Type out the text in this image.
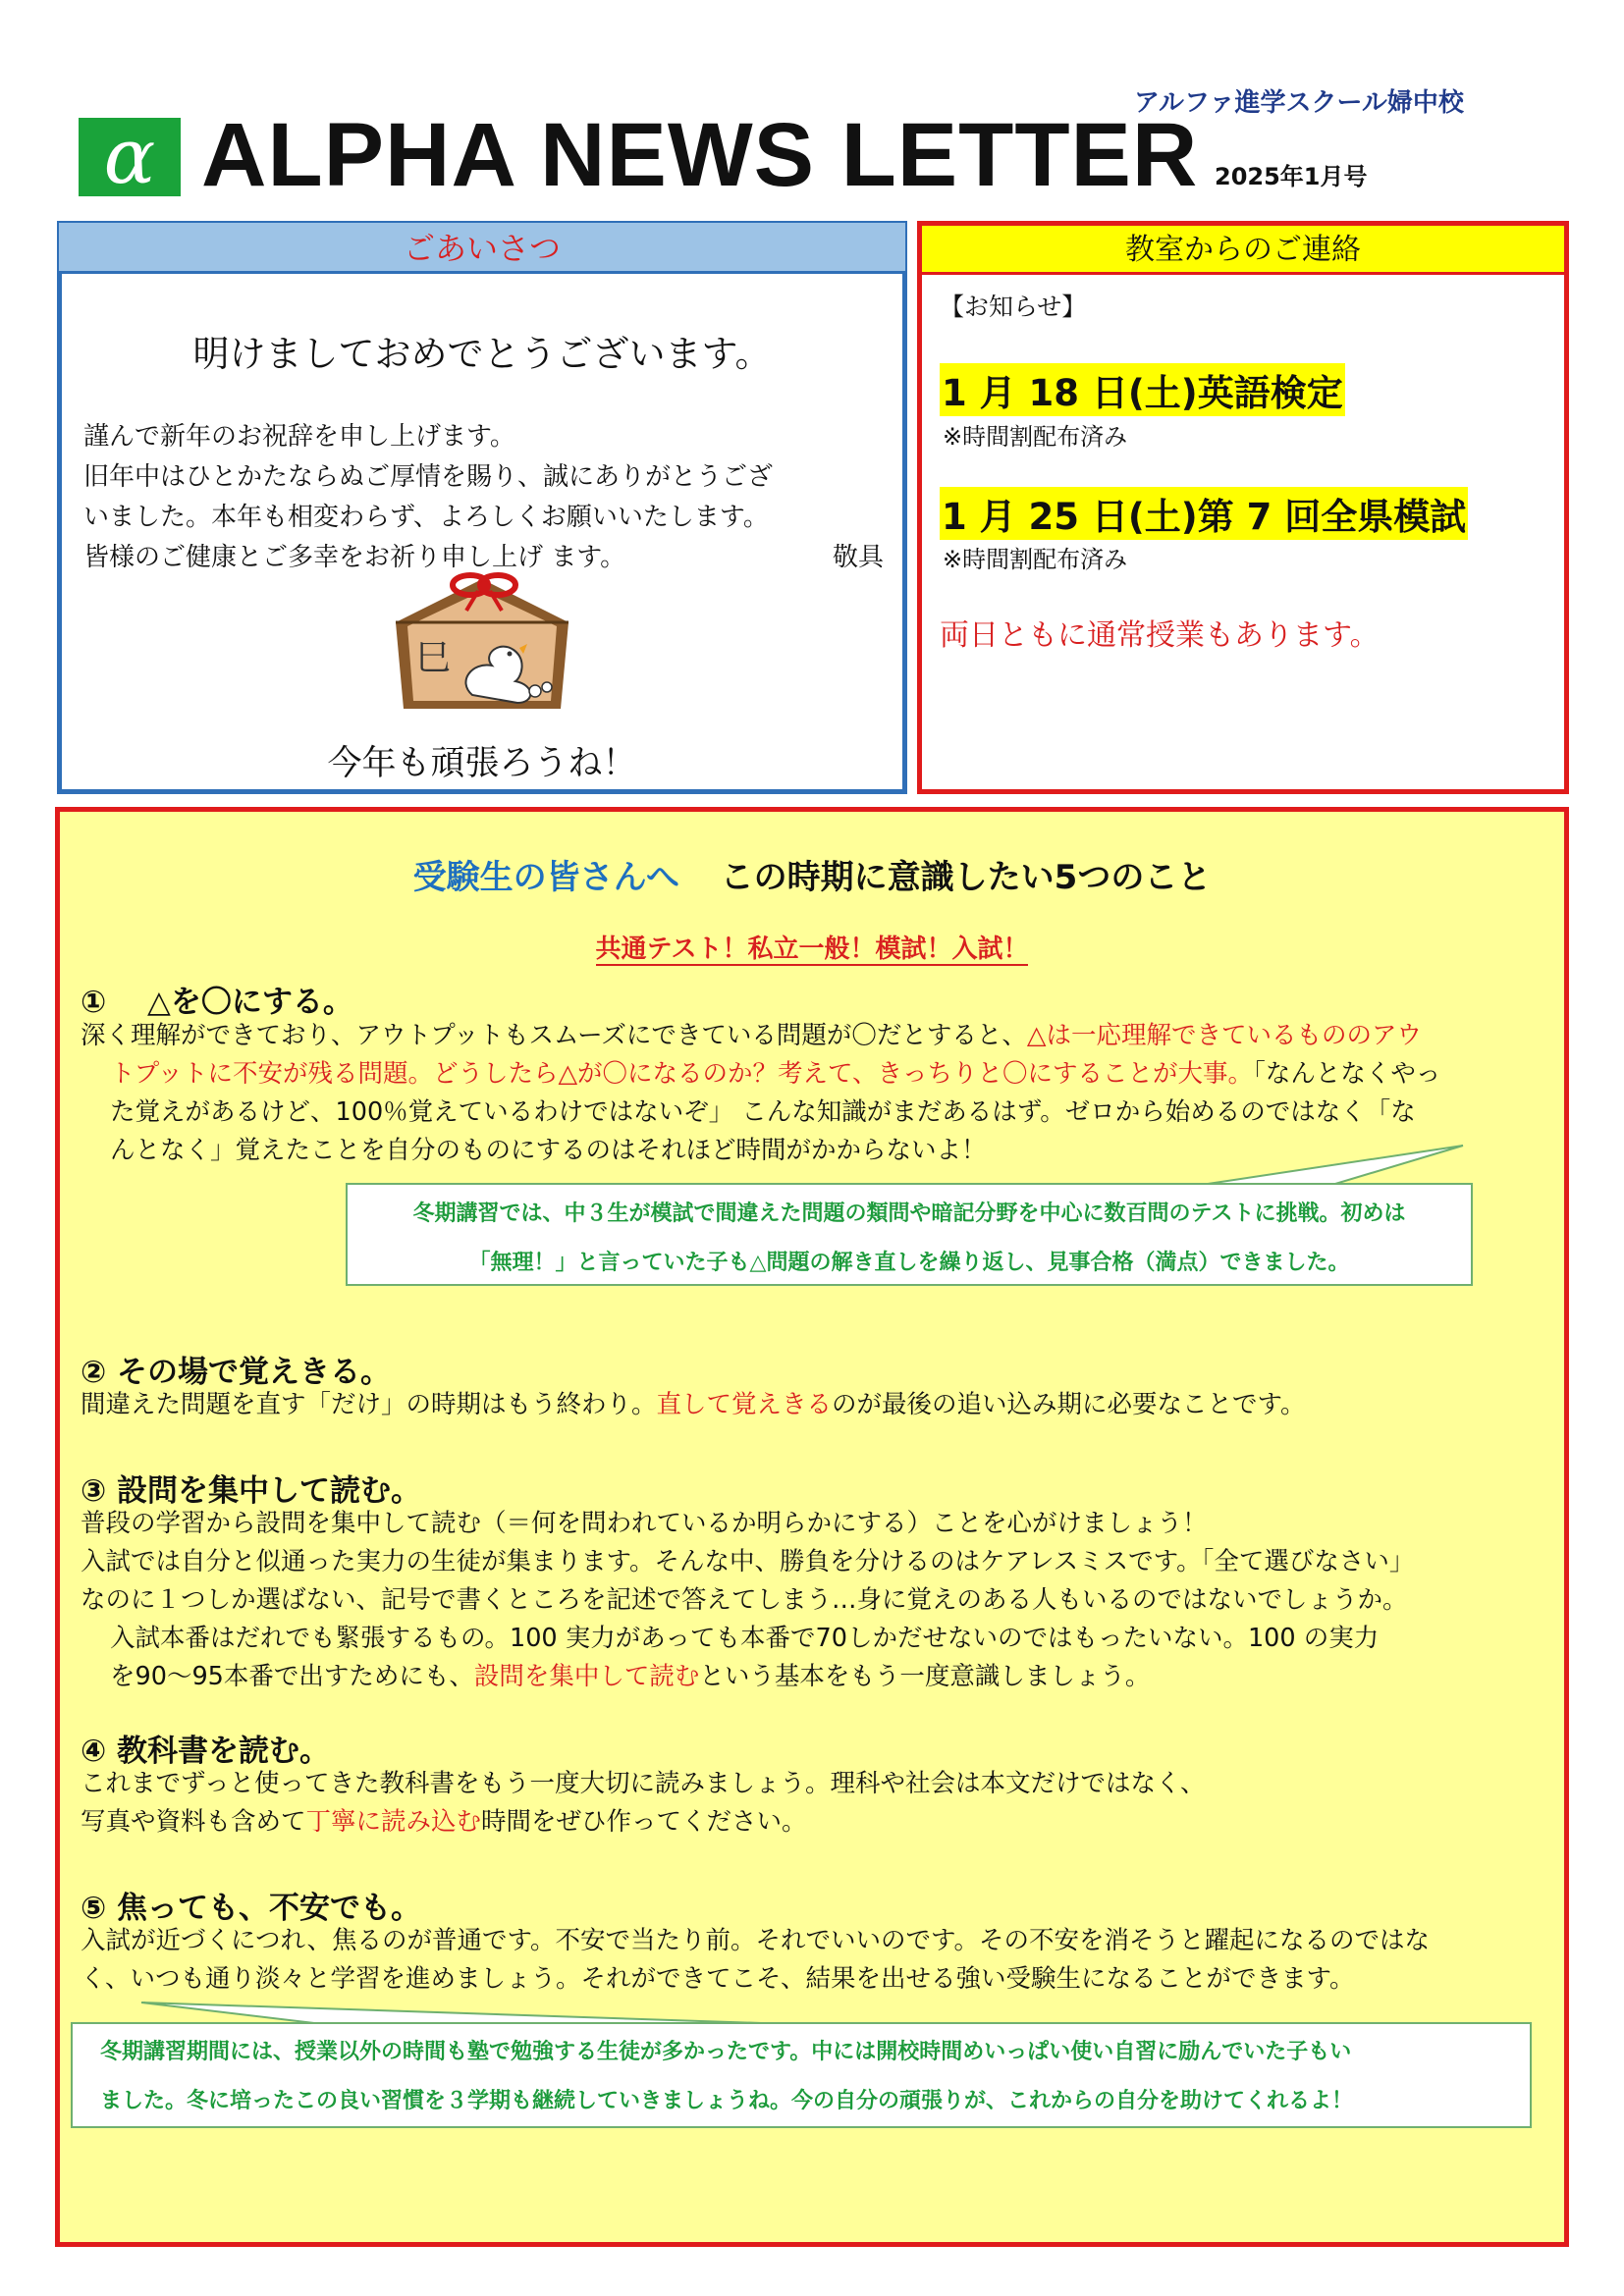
α ALPHA NEWS LETTER
アルファ進学スクール婦中校
2025年1月号
ごあいさつ
明けましておめでとうございます。

謹んで新年のお祝辞を申し上げます。

旧年中はひとかたならぬご厚情を賜り、誠にありがとうござ

いました。本年も相変わらず、よろしくお願いいたします。

皆様のご健康とご多幸をお祈り申し上げ ます。	敬具

巳
今年も頑張ろうね！
教室からのご連絡
【お知らせ】
1 月 18 日(土)英語検定
※時間割配布済み
1 月 25 日(土)第 7 回全県模試
※時間割配布済み
両日ともに通常授業もあります。
受験生の皆さんへ この時期に意識したい5つのこと
共通テスト！私立一般！模試！入試！
①　 △を〇にする。

深く理解ができており、アウトプットもスムーズにできている問題が〇だとすると、△は一応理解できているもののアウ

トプットに不安が残る問題。どうしたら△が〇になるのか？考えて、きっちりと〇にすることが大事。「なんとなくやっ

た覚えがあるけど、100％覚えているわけではないぞ」 こんな知識がまだあるはず。ゼロから始めるのではなく「な

んとなく」覚えたことを自分のものにするのはそれほど時間がかからないよ！

冬期講習では、中３生が模試で間違えた問題の類問や暗記分野を中心に数百問のテストに挑戦。初めは
「無理！」と言っていた子も△問題の解き直しを繰り返し、見事合格（満点）できました。
② その場で覚えきる。

間違えた問題を直す「だけ」の時期はもう終わり。直して覚えきるのが最後の追い込み期に必要なことです。

③ 設問を集中して読む。

普段の学習から設問を集中して読む（＝何を問われているか明らかにする）ことを心がけましょう！

入試では自分と似通った実力の生徒が集まります。そんな中、勝負を分けるのはケアレスミスです。「全て選びなさい」

なのに１つしか選ばない、記号で書くところを記述で答えてしまう…身に覚えのある人もいるのではないでしょうか。

入試本番はだれでも緊張するもの。100 実力があっても本番で70しかだせないのではもったいない。100 の実力

を90～95本番で出すためにも、設問を集中して読むという基本をもう一度意識しましょう。

④ 教科書を読む。

これまでずっと使ってきた教科書をもう一度大切に読みましょう。理科や社会は本文だけではなく、

写真や資料も含めて丁寧に読み込む時間をぜひ作ってください。

⑤ 焦っても、不安でも。

入試が近づくにつれ、焦るのが普通です。不安で当たり前。それでいいのです。その不安を消そうと躍起になるのではな

く、いつも通り淡々と学習を進めましょう。それができてこそ、結果を出せる強い受験生になることができます。

冬期講習期間には、授業以外の時間も塾で勉強する生徒が多かったです。中には開校時間めいっぱい使い自習に励んでいた子もい
ました。冬に培ったこの良い習慣を３学期も継続していきましょうね。今の自分の頑張りが、これからの自分を助けてくれるよ！
